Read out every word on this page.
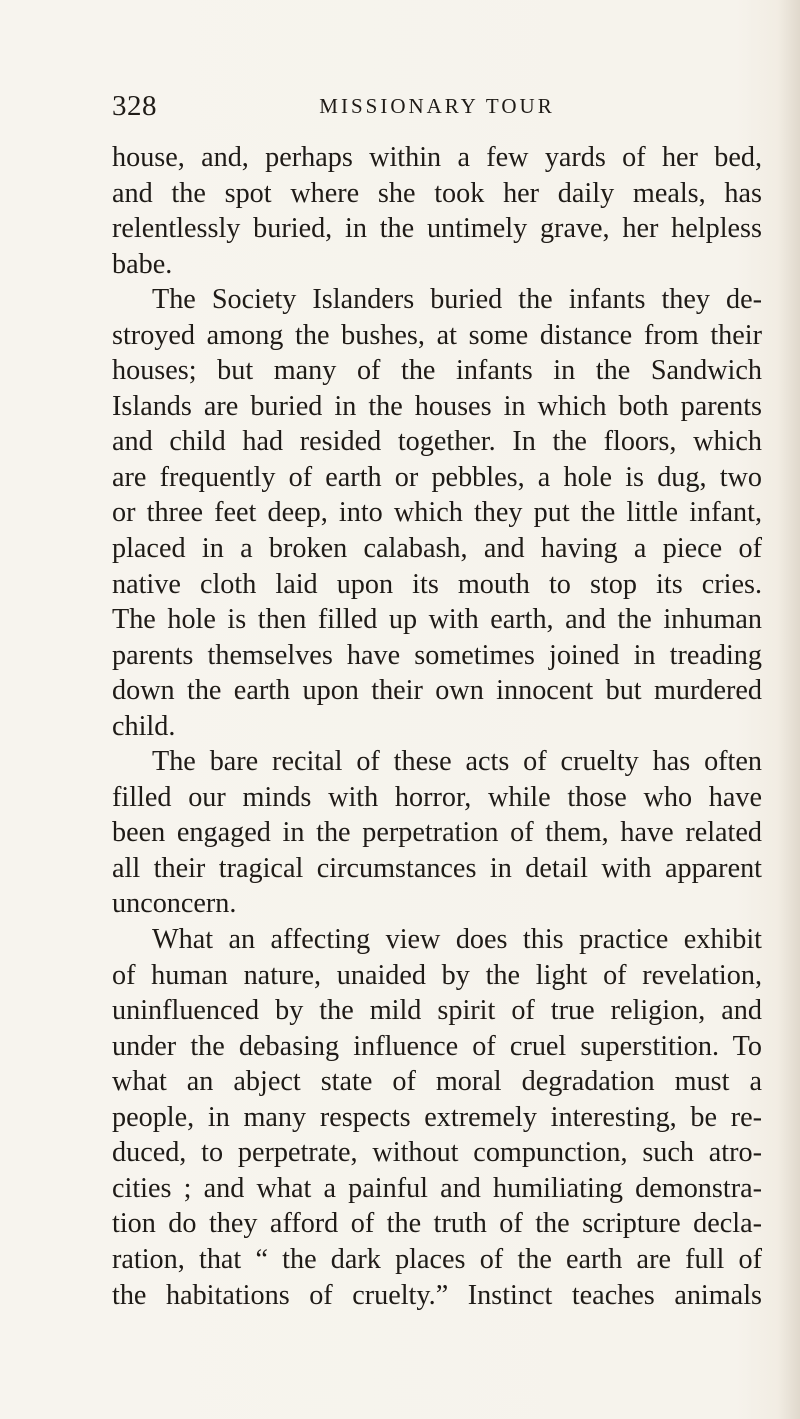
328	MISSIONARY TOUR
house, and, perhaps within a few yards of her bed,
and the spot where she took her daily meals, has
relentlessly buried, in the untimely grave, her helpless
babe.
The Society Islanders buried the infants they de-
stroyed among the bushes, at some distance from their
houses; but many of the infants in the Sandwich
Islands are buried in the houses in which both parents
and child had resided together. In the floors, which
are frequently of earth or pebbles, a hole is dug, two
or three feet deep, into which they put the little infant,
placed in a broken calabash, and having a piece of
native cloth laid upon its mouth to stop its cries.
The hole is then filled up with earth, and the inhuman
parents themselves have sometimes joined in treading
down the earth upon their own innocent but murdered
child.
The bare recital of these acts of cruelty has often
filled our minds with horror, while those who have
been engaged in the perpetration of them, have related
all their tragical circumstances in detail with apparent
unconcern.
What an affecting view does this practice exhibit
of human nature, unaided by the light of revelation,
uninfluenced by the mild spirit of true religion, and
under the debasing influence of cruel superstition. To
what an abject state of moral degradation must a
people, in many respects extremely interesting, be re-
duced, to perpetrate, without compunction, such atro-
cities ; and what a painful and humiliating demonstra-
tion do they afford of the truth of the scripture decla-
ration, that “ the dark places of the earth are full of
the habitations of cruelty.” Instinct teaches animals
